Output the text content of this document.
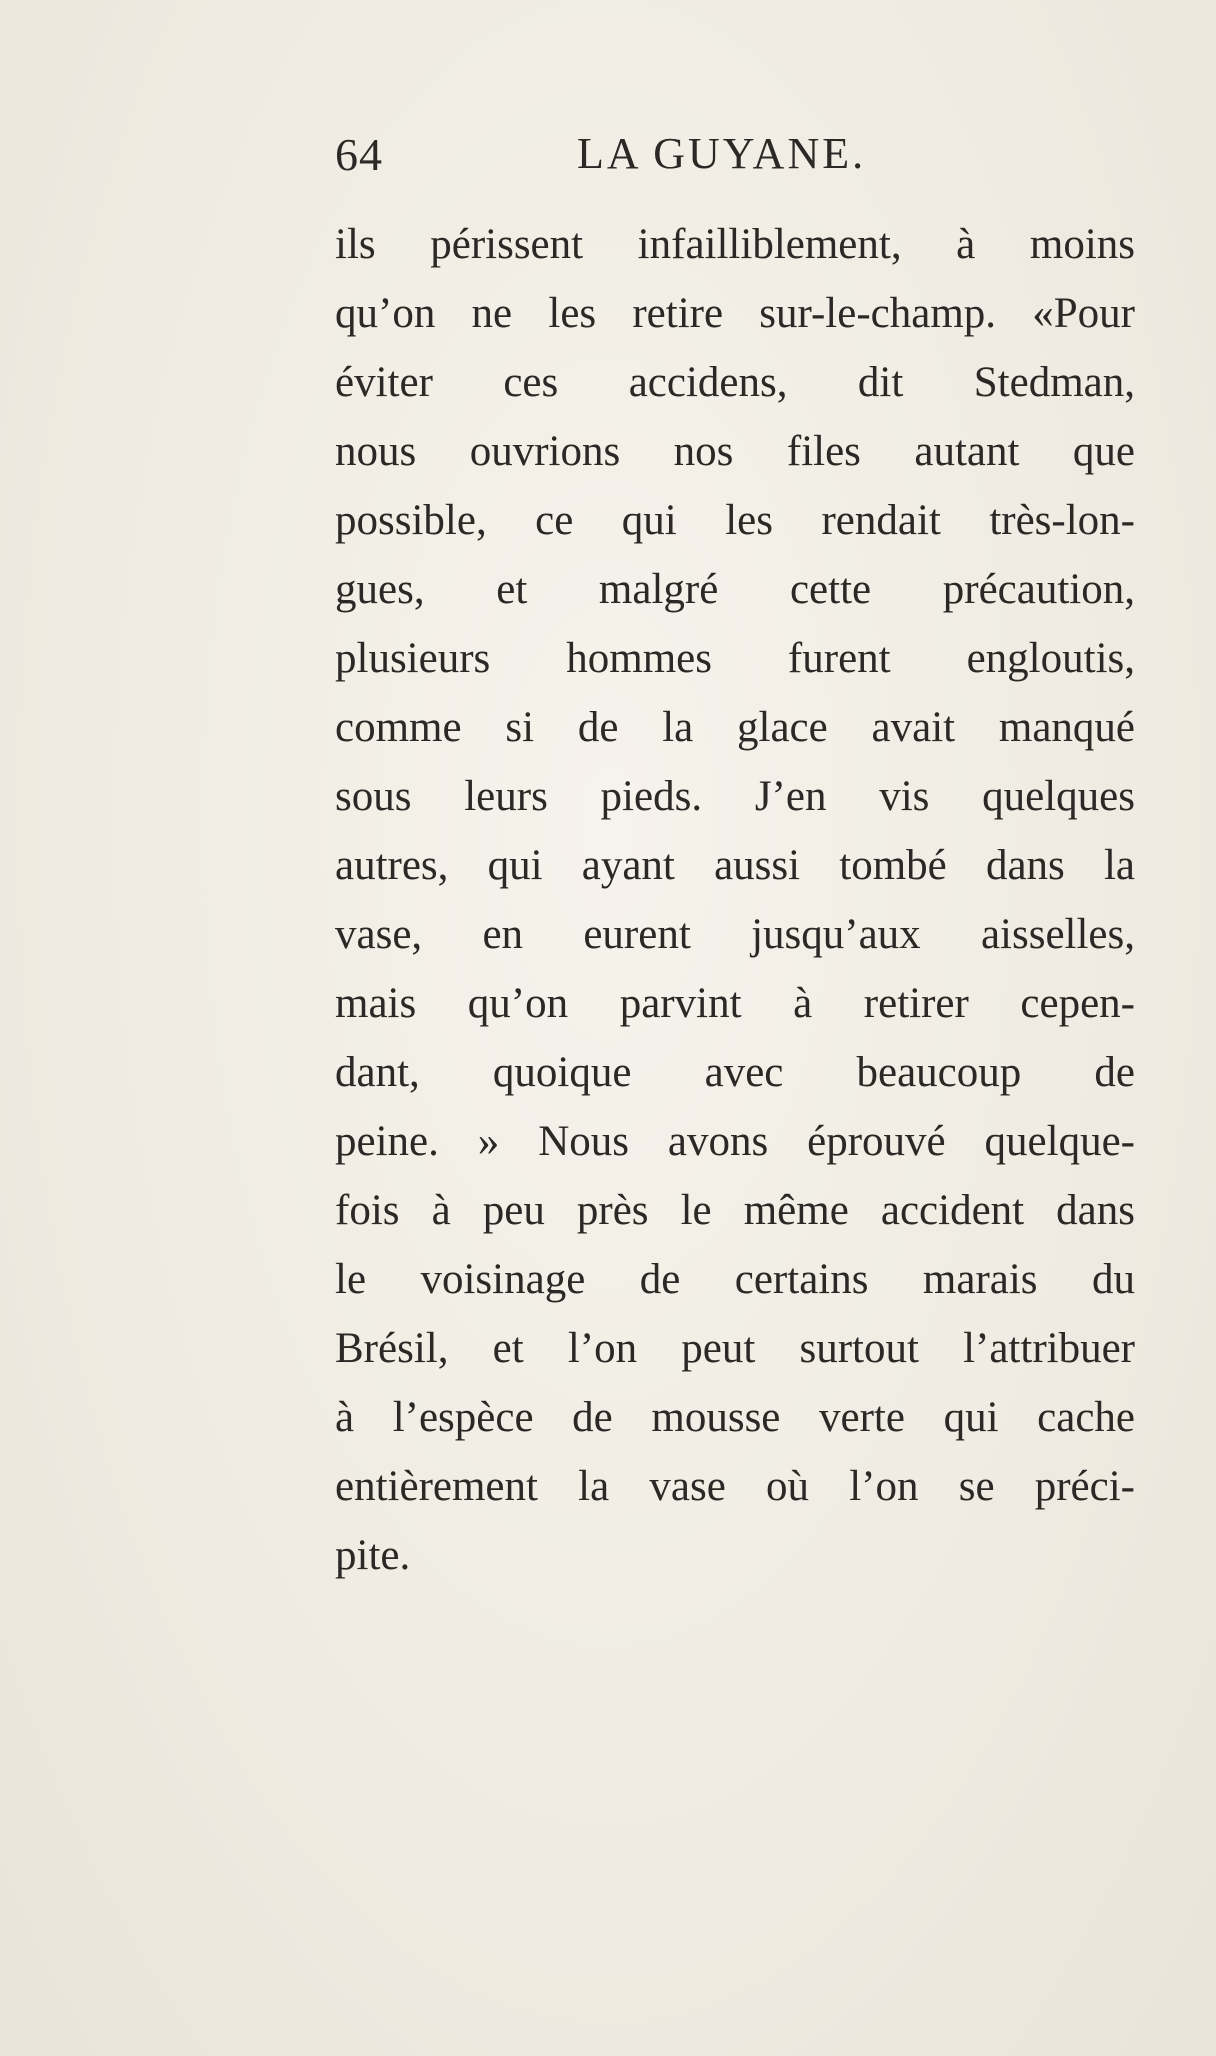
64	LA GUYANE.
ils périssent infailliblement, à moins
qu’on ne les retire sur-le-champ. «Pour
éviter ces accidens, dit Stedman,
nous ouvrions nos files autant que
possible, ce qui les rendait très-lon-
gues, et malgré cette précaution,
plusieurs hommes furent engloutis,
comme si de la glace avait manqué
sous leurs pieds. J’en vis quelques
autres, qui ayant aussi tombé dans la
vase, en eurent jusqu’aux aisselles,
mais qu’on parvint à retirer cepen-
dant, quoique avec beaucoup de
peine. » Nous avons éprouvé quelque-
fois à peu près le même accident dans
le voisinage de certains marais du
Brésil, et l’on peut surtout l’attribuer
à l’espèce de mousse verte qui cache
entièrement la vase où l’on se préci-
pite.
